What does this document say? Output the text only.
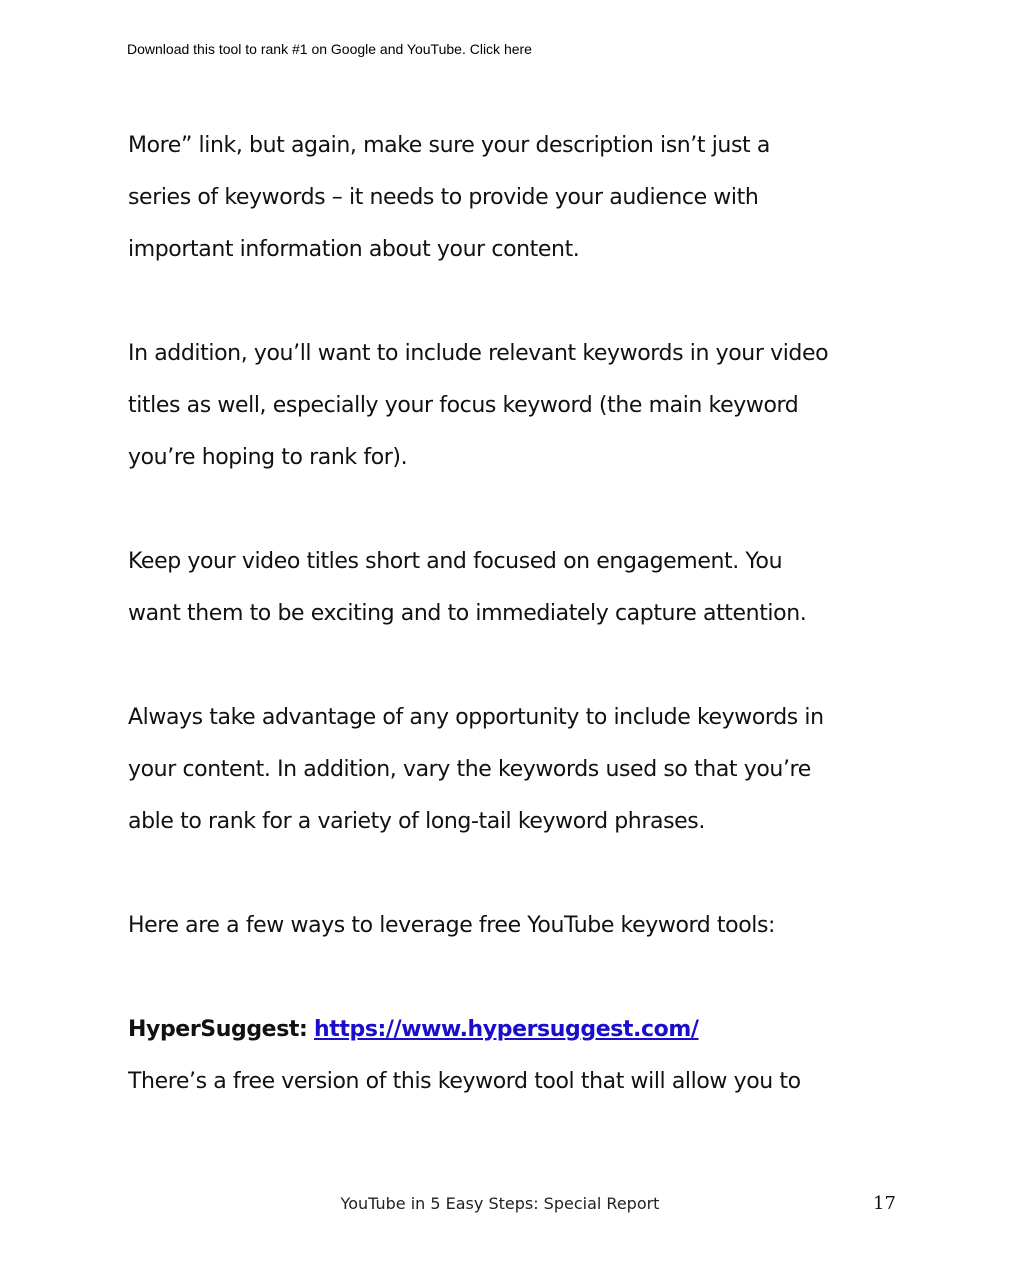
Download this tool to rank #1 on Google and YouTube. Click here
More” link, but again, make sure your description isn’t just a
series of keywords – it needs to provide your audience with
important information about your content.
In addition, you’ll want to include relevant keywords in your video
titles as well, especially your focus keyword (the main keyword
you’re hoping to rank for).
Keep your video titles short and focused on engagement. You
want them to be exciting and to immediately capture attention.
Always take advantage of any opportunity to include keywords in
your content. In addition, vary the keywords used so that you’re
able to rank for a variety of long-tail keyword phrases.
Here are a few ways to leverage free YouTube keyword tools:
HyperSuggest: https://www.hypersuggest.com/
There’s a free version of this keyword tool that will allow you to
YouTube in 5 Easy Steps: Special Report	17
